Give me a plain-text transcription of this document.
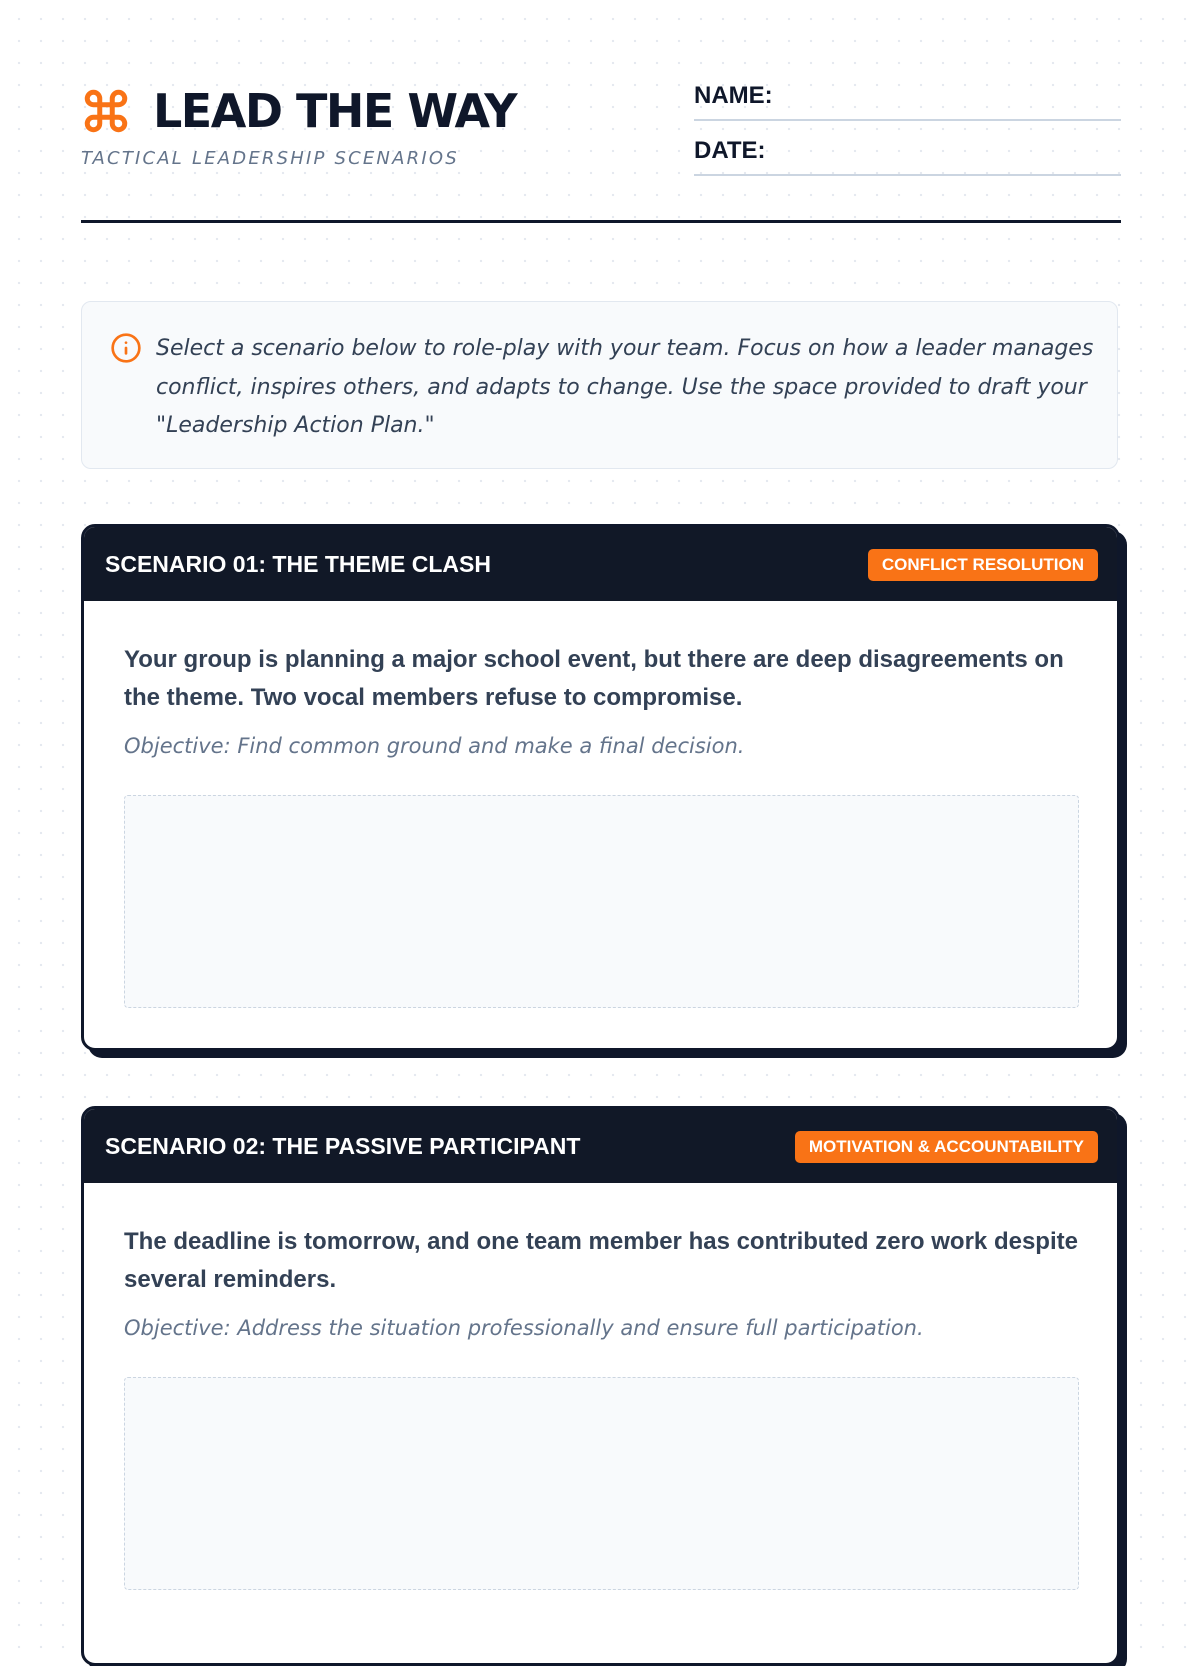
LEAD THE WAY
TACTICAL LEADERSHIP SCENARIOS
NAME:
DATE:

Select a scenario below to role-play with your team. Focus on how a leader manages conflict, inspires others, and adapts to change. Use the space provided to draft your "Leadership Action Plan."

SCENARIO 01: THE THEME CLASH	CONFLICT RESOLUTION

Your group is planning a major school event, but there are deep disagreements on the theme. Two vocal members refuse to compromise.

Objective: Find common ground and make a final decision.

SCENARIO 02: THE PASSIVE PARTICIPANT	MOTIVATION & ACCOUNTABILITY

The deadline is tomorrow, and one team member has contributed zero work despite several reminders.

Objective: Address the situation professionally and ensure full participation.
